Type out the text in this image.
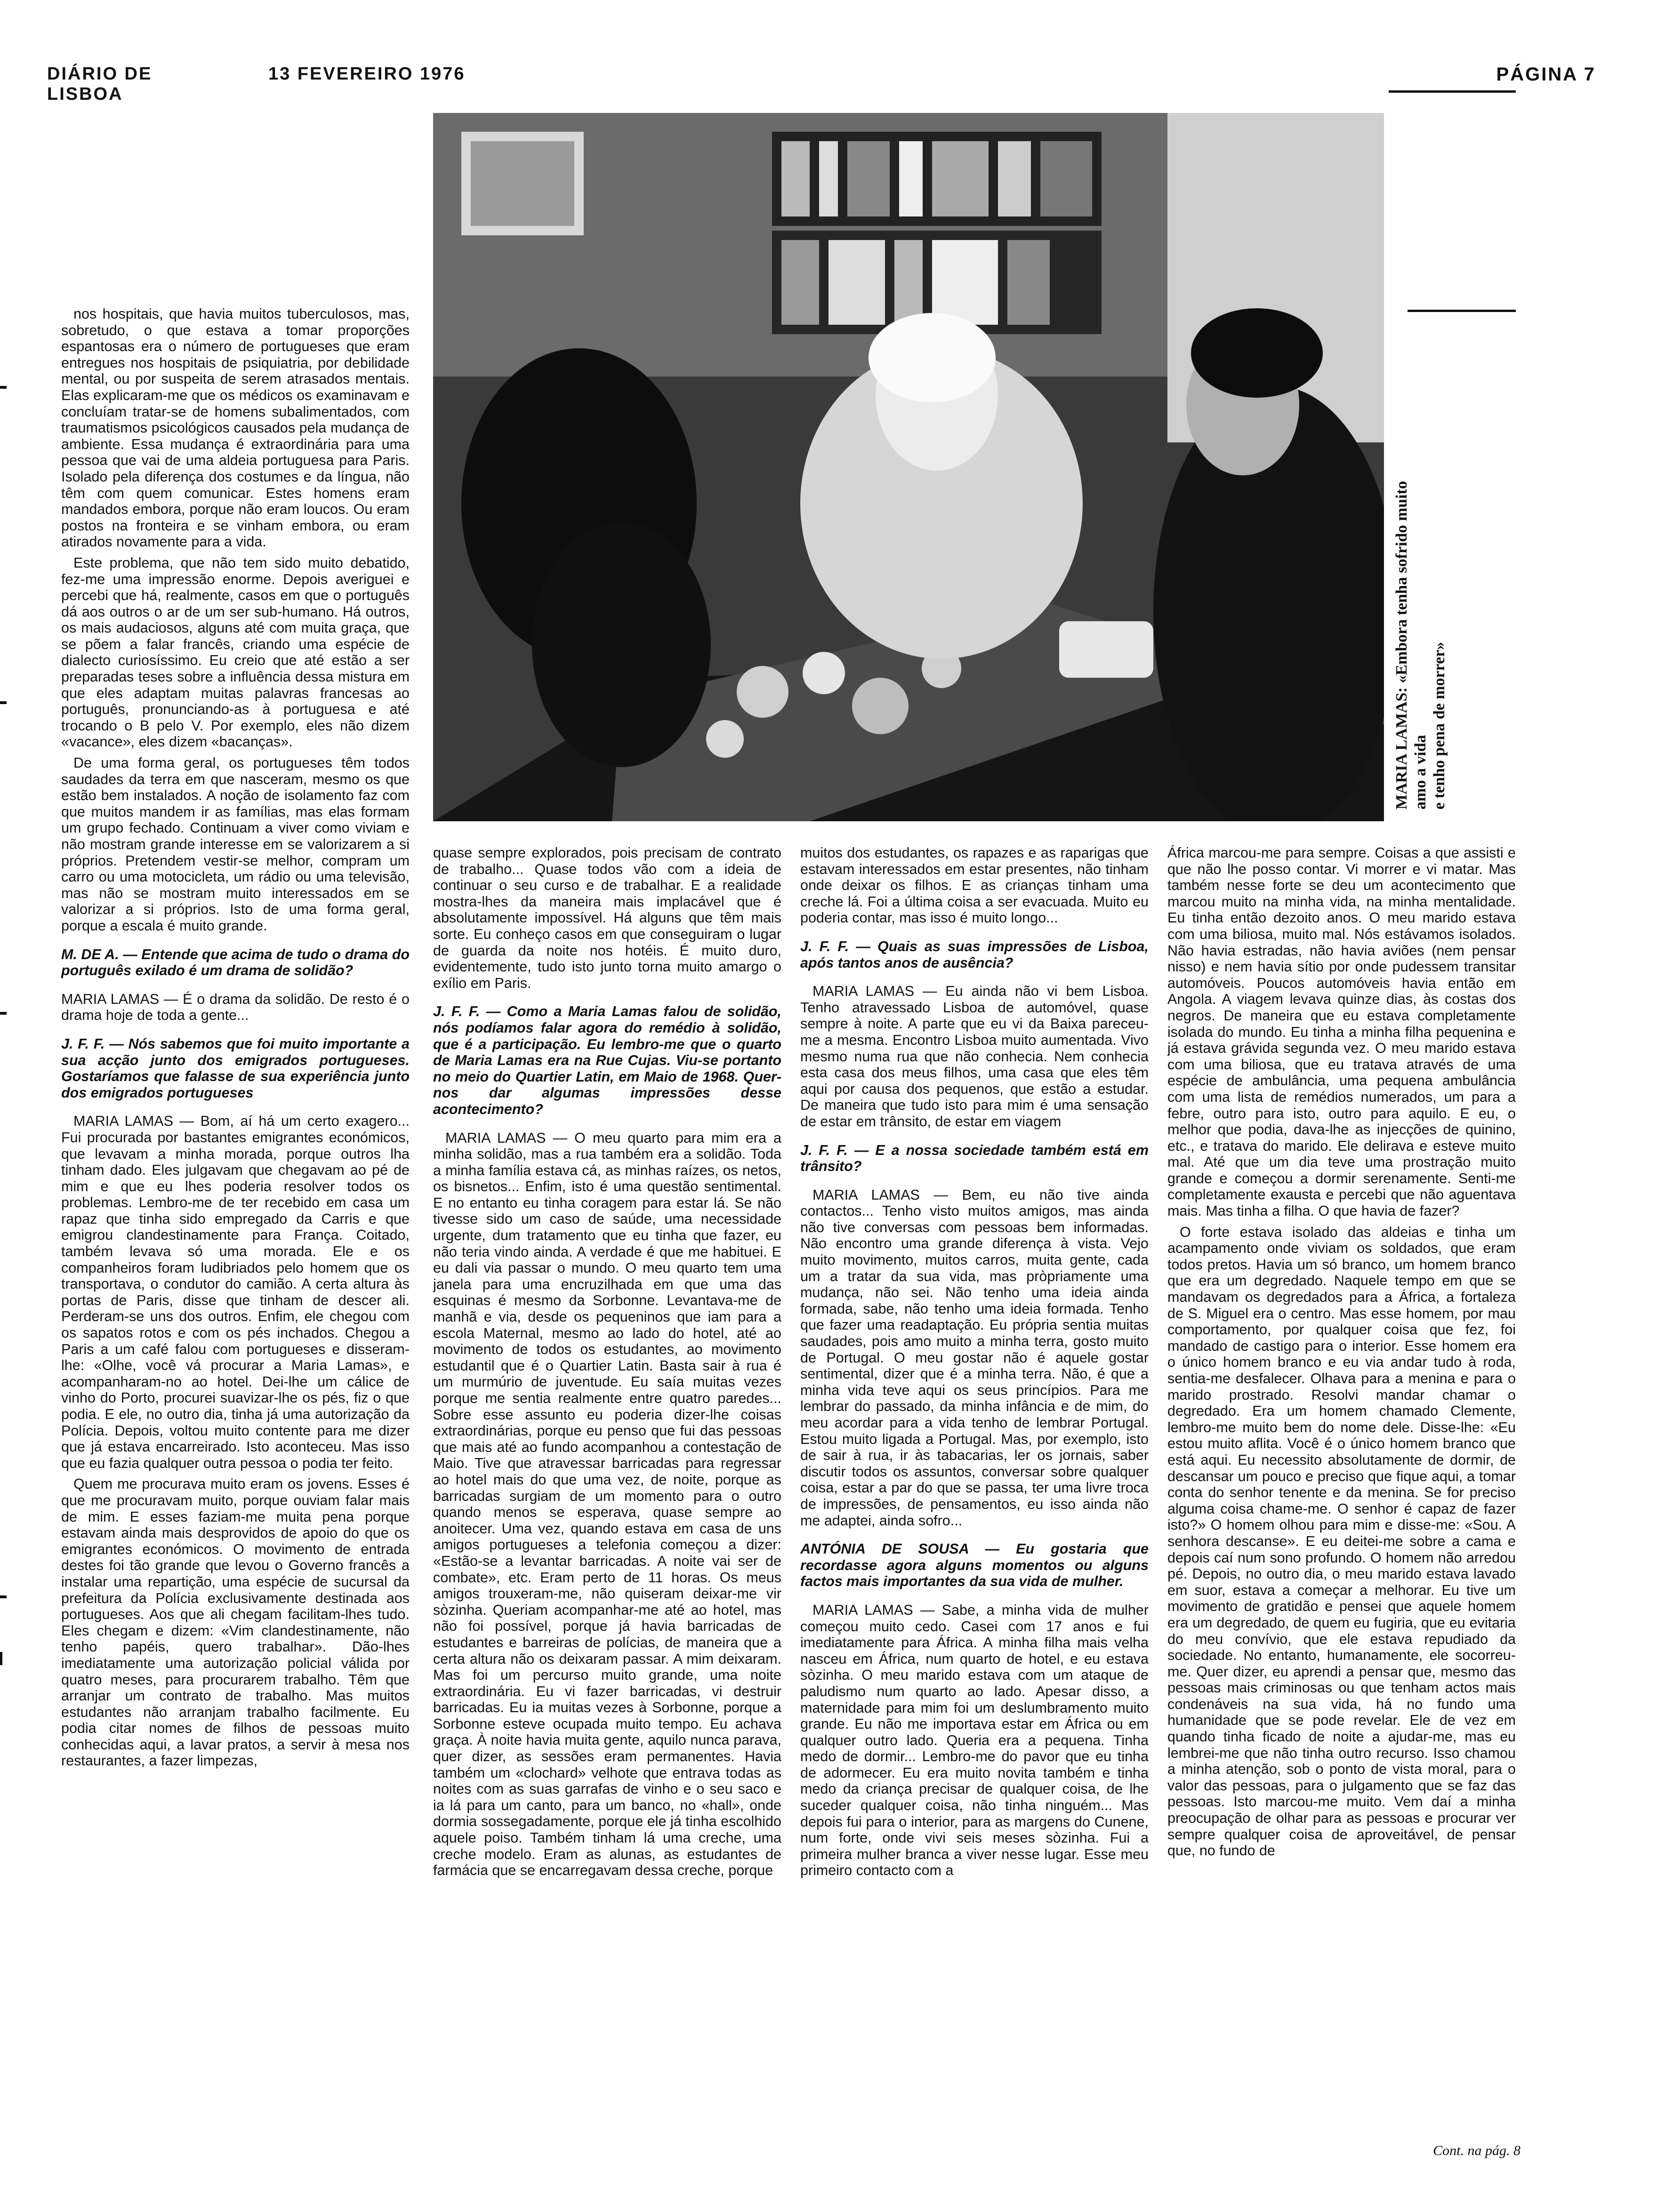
DIÁRIO DE LISBOA
13 FEVEREIRO 1976	PÁGINA 7
MARIA LAMAS: «Embora tenha sofrido muito amo a vida e tenho pena de morrer»

nos hospitais, que havia muitos tuberculosos, mas, sobretudo, o que estava a tomar proporções espantosas era o número de portugueses que eram entregues nos hospitais de psiquiatria, por debilidade mental, ou por suspeita de serem atrasados mentais. Elas explicaram-me que os médicos os examinavam e concluíam tratar-se de homens subalimentados, com traumatismos psicológicos causados pela mudança de ambiente. Essa mudança é extraordinária para uma pessoa que vai de uma aldeia portuguesa para Paris. Isolado pela diferença dos costumes e da língua, não têm com quem comunicar. Estes homens eram mandados embora, porque não eram loucos. Ou eram postos na fronteira e se vinham embora, ou eram atirados novamente para a vida.

Este problema, que não tem sido muito debatido, fez-me uma impressão enorme. Depois averiguei e percebi que há, realmente, casos em que o português dá aos outros o ar de um ser sub-humano. Há outros, os mais audaciosos, alguns até com muita graça, que se põem a falar francês, criando uma espécie de dialecto curiosíssimo. Eu creio que até estão a ser preparadas teses sobre a influência dessa mistura em que eles adaptam muitas palavras francesas ao português, pronunciando-as à portuguesa e até trocando o B pelo V. Por exemplo, eles não dizem «vacance», eles dizem «bacanças».

De uma forma geral, os portugueses têm todos saudades da terra em que nasceram, mesmo os que estão bem instalados. A noção de isolamento faz com que muitos mandem ir as famílias, mas elas formam um grupo fechado. Continuam a viver como viviam e não mostram grande interesse em se valorizarem a si próprios. Pretendem vestir-se melhor, compram um carro ou uma motocicleta, um rádio ou uma televisão, mas não se mostram muito interessados em se valorizar a si próprios. Isto de uma forma geral, porque a escala é muito grande.

M. DE A. — Entende que acima de tudo o drama do português exilado é um drama de solidão?

MARIA LAMAS — É o drama da solidão. De resto é o drama hoje de toda a gente...

J. F. F. — Nós sabemos que foi muito importante a sua acção junto dos emigrados portugueses. Gostaríamos que falasse de sua experiência junto dos emigrados portugueses

MARIA LAMAS — Bom, aí há um certo exagero... Fui procurada por bastantes emigrantes económicos, que levavam a minha morada, porque outros lha tinham dado. Eles julgavam que chegavam ao pé de mim e que eu lhes poderia resolver todos os problemas. Lembro-me de ter recebido em casa um rapaz que tinha sido empregado da Carris e que emigrou clandestinamente para França. Coitado, também levava só uma morada. Ele e os companheiros foram ludibriados pelo homem que os transportava, o condutor do camião. A certa altura às portas de Paris, disse que tinham de descer ali. Perderam-se uns dos outros. Enfim, ele chegou com os sapatos rotos e com os pés inchados. Chegou a Paris a um café falou com portugueses e disseram-lhe: «Olhe, você vá procurar a Maria Lamas», e acompanharam-no ao hotel. Dei-lhe um cálice de vinho do Porto, procurei suavizar-lhe os pés, fiz o que podia. E ele, no outro dia, tinha já uma autorização da Polícia. Depois, voltou muito contente para me dizer que já estava encarreirado. Isto aconteceu. Mas isso que eu fazia qualquer outra pessoa o podia ter feito.

Quem me procurava muito eram os jovens. Esses é que me procuravam muito, porque ouviam falar mais de mim. E esses faziam-me muita pena porque estavam ainda mais desprovidos de apoio do que os emigrantes económicos. O movimento de entrada destes foi tão grande que levou o Governo francês a instalar uma repartição, uma espécie de sucursal da prefeitura da Polícia exclusivamente destinada aos portugueses. Aos que ali chegam facilitam-lhes tudo. Eles chegam e dizem: «Vim clandestinamente, não tenho papéis, quero trabalhar». Dão-lhes imediatamente uma autorização policial válida por quatro meses, para procurarem trabalho. Têm que arranjar um contrato de trabalho. Mas muitos estudantes não arranjam trabalho facilmente. Eu podia citar nomes de filhos de pessoas muito conhecidas aqui, a lavar pratos, a servir à mesa nos restaurantes, a fazer limpezas,

quase sempre explorados, pois precisam de contrato de trabalho... Quase todos vão com a ideia de continuar o seu curso e de trabalhar. E a realidade mostra-lhes da maneira mais implacável que é absolutamente impossível. Há alguns que têm mais sorte. Eu conheço casos em que conseguiram o lugar de guarda da noite nos hotéis. É muito duro, evidentemente, tudo isto junto torna muito amargo o exílio em Paris.

J. F. F. — Como a Maria Lamas falou de solidão, nós podíamos falar agora do remédio à solidão, que é a participação. Eu lembro-me que o quarto de Maria Lamas era na Rue Cujas. Viu-se portanto no meio do Quartier Latin, em Maio de 1968. Quer-nos dar algumas impressões desse acontecimento?

MARIA LAMAS — O meu quarto para mim era a minha solidão, mas a rua também era a solidão. Toda a minha família estava cá, as minhas raízes, os netos, os bisnetos... Enfim, isto é uma questão sentimental. E no entanto eu tinha coragem para estar lá. Se não tivesse sido um caso de saúde, uma necessidade urgente, dum tratamento que eu tinha que fazer, eu não teria vindo ainda. A verdade é que me habituei. E eu dali via passar o mundo. O meu quarto tem uma janela para uma encruzilhada em que uma das esquinas é mesmo da Sorbonne. Levantava-me de manhã e via, desde os pequeninos que iam para a escola Maternal, mesmo ao lado do hotel, até ao movimento de todos os estudantes, ao movimento estudantil que é o Quartier Latin. Basta sair à rua é um murmúrio de juventude. Eu saía muitas vezes porque me sentia realmente entre quatro paredes... Sobre esse assunto eu poderia dizer-lhe coisas extraordinárias, porque eu penso que fui das pessoas que mais até ao fundo acompanhou a contestação de Maio. Tive que atravessar barricadas para regressar ao hotel mais do que uma vez, de noite, porque as barricadas surgiam de um momento para o outro quando menos se esperava, quase sempre ao anoitecer. Uma vez, quando estava em casa de uns amigos portugueses a telefonia começou a dizer: «Estão-se a levantar barricadas. A noite vai ser de combate», etc. Eram perto de 11 horas. Os meus amigos trouxeram-me, não quiseram deixar-me vir sòzinha. Queriam acompanhar-me até ao hotel, mas não foi possível, porque já havia barricadas de estudantes e barreiras de polícias, de maneira que a certa altura não os deixaram passar. A mim deixaram. Mas foi um percurso muito grande, uma noite extraordinária. Eu vi fazer barricadas, vi destruir barricadas. Eu ia muitas vezes à Sorbonne, porque a Sorbonne esteve ocupada muito tempo. Eu achava graça. À noite havia muita gente, aquilo nunca parava, quer dizer, as sessões eram permanentes. Havia também um «clochard» velhote que entrava todas as noites com as suas garrafas de vinho e o seu saco e ia lá para um canto, para um banco, no «hall», onde dormia sossegadamente, porque ele já tinha escolhido aquele poiso. Também tinham lá uma creche, uma creche modelo. Eram as alunas, as estudantes de farmácia que se encarregavam dessa creche, porque

muitos dos estudantes, os rapazes e as raparigas que estavam interessados em estar presentes, não tinham onde deixar os filhos. E as crianças tinham uma creche lá. Foi a última coisa a ser evacuada. Muito eu poderia contar, mas isso é muito longo...

J. F. F. — Quais as suas impressões de Lisboa, após tantos anos de ausência?

MARIA LAMAS — Eu ainda não vi bem Lisboa. Tenho atravessado Lisboa de automóvel, quase sempre à noite. A parte que eu vi da Baixa pareceu-me a mesma. Encontro Lisboa muito aumentada. Vivo mesmo numa rua que não conhecia. Nem conhecia esta casa dos meus filhos, uma casa que eles têm aqui por causa dos pequenos, que estão a estudar. De maneira que tudo isto para mim é uma sensação de estar em trânsito, de estar em viagem

J. F. F. — E a nossa sociedade também está em trânsito?

MARIA LAMAS — Bem, eu não tive ainda contactos... Tenho visto muitos amigos, mas ainda não tive conversas com pessoas bem informadas. Não encontro uma grande diferença à vista. Vejo muito movimento, muitos carros, muita gente, cada um a tratar da sua vida, mas pròpriamente uma mudança, não sei. Não tenho uma ideia ainda formada, sabe, não tenho uma ideia formada. Tenho que fazer uma readaptação. Eu própria sentia muitas saudades, pois amo muito a minha terra, gosto muito de Portugal. O meu gostar não é aquele gostar sentimental, dizer que é a minha terra. Não, é que a minha vida teve aqui os seus princípios. Para me lembrar do passado, da minha infância e de mim, do meu acordar para a vida tenho de lembrar Portugal. Estou muito ligada a Portugal. Mas, por exemplo, isto de sair à rua, ir às tabacarias, ler os jornais, saber discutir todos os assuntos, conversar sobre qualquer coisa, estar a par do que se passa, ter uma livre troca de impressões, de pensamentos, eu isso ainda não me adaptei, ainda sofro...

ANTÓNIA DE SOUSA — Eu gostaria que recordasse agora alguns momentos ou alguns factos mais importantes da sua vida de mulher.

MARIA LAMAS — Sabe, a minha vida de mulher começou muito cedo. Casei com 17 anos e fui imediatamente para África. A minha filha mais velha nasceu em África, num quarto de hotel, e eu estava sòzinha. O meu marido estava com um ataque de paludismo num quarto ao lado. Apesar disso, a maternidade para mim foi um deslumbramento muito grande. Eu não me importava estar em África ou em qualquer outro lado. Queria era a pequena. Tinha medo de dormir... Lembro-me do pavor que eu tinha de adormecer. Eu era muito novita também e tinha medo da criança precisar de qualquer coisa, de lhe suceder qualquer coisa, não tinha ninguém... Mas depois fui para o interior, para as margens do Cunene, num forte, onde vivi seis meses sòzinha. Fui a primeira mulher branca a viver nesse lugar. Esse meu primeiro contacto com a

África marcou-me para sempre. Coisas a que assisti e que não lhe posso contar. Vi morrer e vi matar. Mas também nesse forte se deu um acontecimento que marcou muito na minha vida, na minha mentalidade. Eu tinha então dezoito anos. O meu marido estava com uma biliosa, muito mal. Nós estávamos isolados. Não havia estradas, não havia aviões (nem pensar nisso) e nem havia sítio por onde pudessem transitar automóveis. Poucos automóveis havia então em Angola. A viagem levava quinze dias, às costas dos negros. De maneira que eu estava completamente isolada do mundo. Eu tinha a minha filha pequenina e já estava grávida segunda vez. O meu marido estava com uma biliosa, que eu tratava através de uma espécie de ambulância, uma pequena ambulância com uma lista de remédios numerados, um para a febre, outro para isto, outro para aquilo. E eu, o melhor que podia, dava-lhe as injecções de quinino, etc., e tratava do marido. Ele delirava e esteve muito mal. Até que um dia teve uma prostração muito grande e começou a dormir serenamente. Senti-me completamente exausta e percebi que não aguentava mais. Mas tinha a filha. O que havia de fazer?

O forte estava isolado das aldeias e tinha um acampamento onde viviam os soldados, que eram todos pretos. Havia um só branco, um homem branco que era um degredado. Naquele tempo em que se mandavam os degredados para a África, a fortaleza de S. Miguel era o centro. Mas esse homem, por mau comportamento, por qualquer coisa que fez, foi mandado de castigo para o interior. Esse homem era o único homem branco e eu via andar tudo à roda, sentia-me desfalecer. Olhava para a menina e para o marido prostrado. Resolvi mandar chamar o degredado. Era um homem chamado Clemente, lembro-me muito bem do nome dele. Disse-lhe: «Eu estou muito aflita. Você é o único homem branco que está aqui. Eu necessito absolutamente de dormir, de descansar um pouco e preciso que fique aqui, a tomar conta do senhor tenente e da menina. Se for preciso alguma coisa chame-me. O senhor é capaz de fazer isto?» O homem olhou para mim e disse-me: «Sou. A senhora descanse». E eu deitei-me sobre a cama e depois caí num sono profundo. O homem não arredou pé. Depois, no outro dia, o meu marido estava lavado em suor, estava a começar a melhorar. Eu tive um movimento de gratidão e pensei que aquele homem era um degredado, de quem eu fugiria, que eu evitaria do meu convívio, que ele estava repudiado da sociedade. No entanto, humanamente, ele socorreu-me. Quer dizer, eu aprendi a pensar que, mesmo das pessoas mais criminosas ou que tenham actos mais condenáveis na sua vida, há no fundo uma humanidade que se pode revelar. Ele de vez em quando tinha ficado de noite a ajudar-me, mas eu lembrei-me que não tinha outro recurso. Isso chamou a minha atenção, sob o ponto de vista moral, para o valor das pessoas, para o julgamento que se faz das pessoas. Isto marcou-me muito. Vem daí a minha preocupação de olhar para as pessoas e procurar ver sempre qualquer coisa de aproveitável, de pensar que, no fundo de

Cont. na pág. 8
